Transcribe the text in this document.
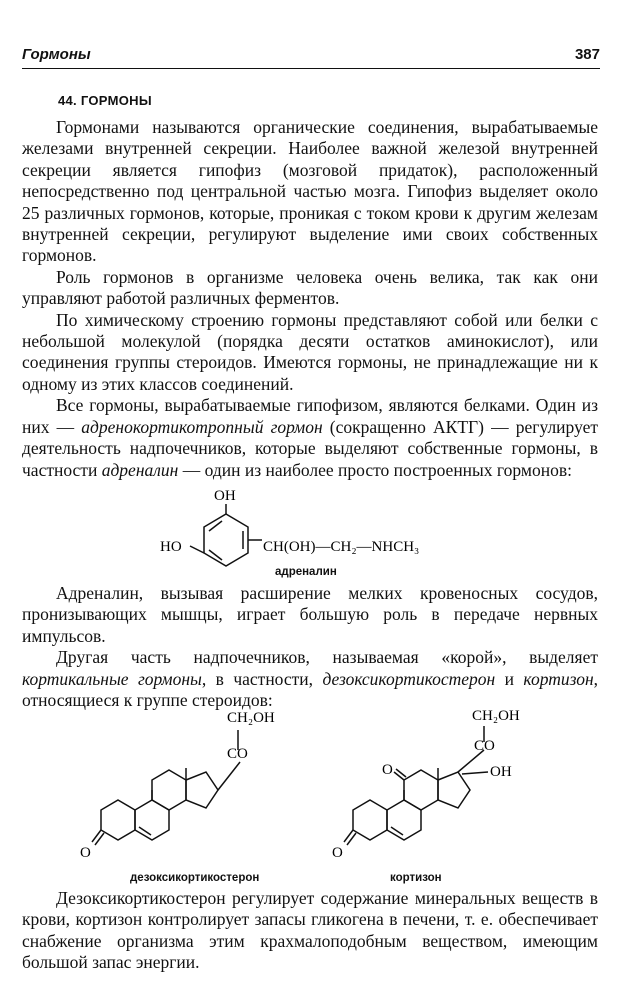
Гормоны	387
44. ГОРМОНЫ

Гормонами называются органические соединения, вырабатываемые железами внутренней секреции. Наиболее важной железой внутренней секреции является гипофиз (мозговой придаток), расположенный непосредственно под центральной частью мозга. Гипофиз выделяет около 25 различных гормонов, которые, проникая с током крови к другим железам внутренней секреции, регулируют выделение ими своих собственных гормонов.

Роль гормонов в организме человека очень велика, так как они управляют работой различных ферментов.

По химическому строению гормоны представляют собой или белки с небольшой молекулой (порядка десяти остатков аминокислот), или соединения группы стероидов. Имеются гормоны, не принадлежащие ни к одному из этих классов соединений.

Все гормоны, вырабатываемые гипофизом, являются белками. Один из них — адренокортикотропный гормон (сокращенно АКТГ) — регулирует деятельность надпочечников, которые выделяют собственные гормоны, в частности адреналин — один из наиболее просто построенных гормонов:

OH
HO	CH(OH)—CH₂—NHCH₃
адреналин

Адреналин, вызывая расширение мелких кровеносных сосудов, пронизывающих мышцы, играет большую роль в передаче нервных импульсов.

Другая часть надпочечников, называемая «корой», выделяет кортикальные гормоны, в частности, дезоксикортикостерон и кортизон, относящиеся к группе стероидов:

CH₂OH
CO
O
дезоксикортикостерон
CH₂OH
CO
OH
O
O
кортизон

Дезоксикортикостерон регулирует содержание минеральных веществ в крови, кортизон контролирует запасы гликогена в печени, т. е. обеспечивает снабжение организма этим крахмалоподобным веществом, имеющим большой запас энергии.
